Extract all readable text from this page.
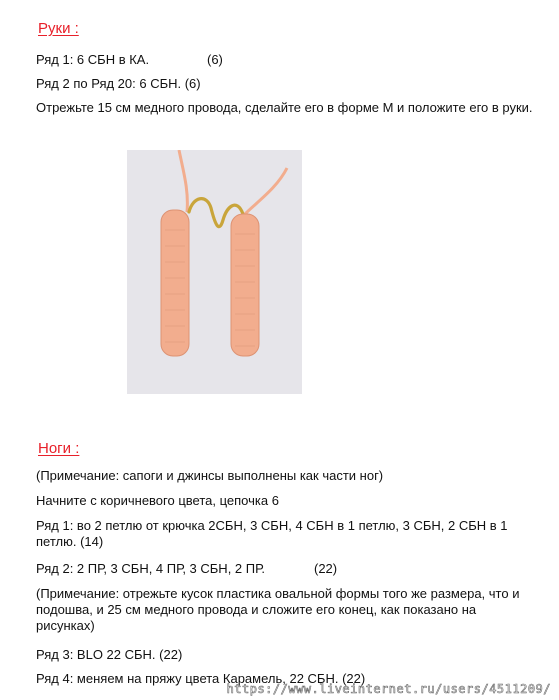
Руки :
Ряд 1: 6 СБН в КА.	(6)
Ряд 2 по Ряд 20: 6 СБН. (6)
Отрежьте 15 см медного провода, сделайте его в форме М и положите его в руки.
Ноги :
(Примечание: сапоги и джинсы выполнены как части ног)
Начните с коричневого цвета, цепочка 6
Ряд 1: во 2 петлю от крючка 2СБН, 3 СБН, 4 СБН в 1 петлю, 3 СБН, 2 СБН в 1 петлю. (14)
Ряд 2: 2 ПР, 3 СБН, 4 ПР, 3 СБН, 2 ПР.	(22)
(Примечание: отрежьте кусок пластика овальной формы того же размера, что и подошва, и 25 см медного провода и сложите его конец, как показано на рисунках)
Ряд 3: BLO 22 СБН. (22)
Ряд 4: меняем на пряжу цвета Карамель, 22 СБН. (22)
https://www.liveinternet.ru/users/4511209/
